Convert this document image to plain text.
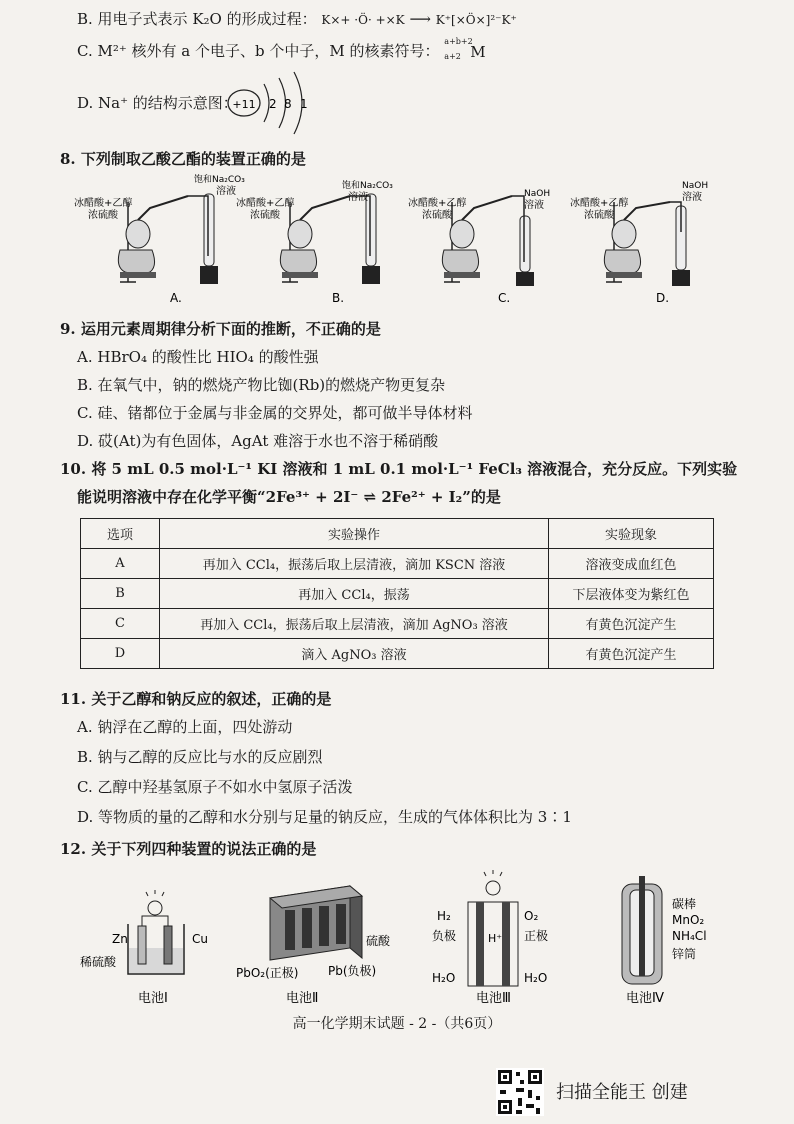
B. 用电子式表示 K₂O 的形成过程： K×+ ·Ö· +×K ⟶ K⁺[×Ö×]²⁻K⁺
C. M²⁺ 核外有 a 个电子、b 个中子，M 的核素符号：
a+b+2
a+2 M
D. Na⁺ 的结构示意图：
+11 2 8 1
8. 下列制取乙酸乙酯的装置正确的是
冰醋酸+乙醇
浓硫酸
饱和Na₂CO₃
溶液
A.
冰醋酸+乙醇
浓硫酸
饱和Na₂CO₃
溶液
B.
冰醋酸+乙醇
浓硫酸
NaOH
溶液
C.
冰醋酸+乙醇
浓硫酸
NaOH
溶液
D.
9. 运用元素周期律分析下面的推断，不正确的是
A. HBrO₄ 的酸性比 HIO₄ 的酸性强
B. 在氧气中，钠的燃烧产物比铷(Rb)的燃烧产物更复杂
C. 硅、锗都位于金属与非金属的交界处，都可做半导体材料
D. 砹(At)为有色固体，AgAt 难溶于水也不溶于稀硝酸
10. 将 5 mL 0.5 mol·L⁻¹ KI 溶液和 1 mL 0.1 mol·L⁻¹ FeCl₃ 溶液混合，充分反应。下列实验
能说明溶液中存在化学平衡“2Fe³⁺ + 2I⁻ ⇌ 2Fe²⁺ + I₂”的是
选项	实验操作	实验现象
A	再加入 CCl₄，振荡后取上层清液，滴加 KSCN 溶液	溶液变成血红色
B	再加入 CCl₄，振荡	下层液体变为紫红色
C	再加入 CCl₄，振荡后取上层清液，滴加 AgNO₃ 溶液	有黄色沉淀产生
D	滴入 AgNO₃ 溶液	有黄色沉淀产生
11. 关于乙醇和钠反应的叙述，正确的是
A. 钠浮在乙醇的上面，四处游动
B. 钠与乙醇的反应比与水的反应剧烈
C. 乙醇中羟基氢原子不如水中氢原子活泼
D. 等物质的量的乙醇和水分别与足量的钠反应，生成的气体体积比为 3∶1
12. 关于下列四种装置的说法正确的是
Zn	Cu
稀硫酸
电池Ⅰ
硫酸
PbO₂(正极) Pb(负极)
电池Ⅱ
H₂	O₂
负极	正极
H⁺
H₂O	H₂O
电池Ⅲ
碳棒
MnO₂
NH₄Cl
锌筒
电池Ⅳ
高一化学期末试题 - 2 -（共6页）
扫描全能王 创建
